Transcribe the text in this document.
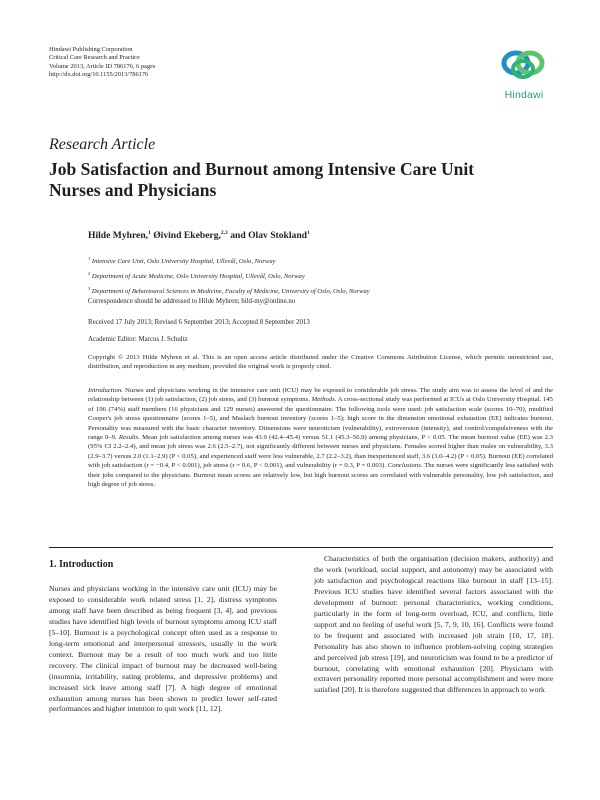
Hindawi Publishing Corporation
Critical Care Research and Practice
Volume 2013, Article ID 786176, 6 pages
http://dx.doi.org/10.1155/2013/786176
Hindawi
Research Article
Job Satisfaction and Burnout among Intensive Care Unit Nurses and Physicians
Hilde Myhren,$^1$ Øivind Ekeberg,$^{2,3}$ and Olav Stokland$^1$
$^1$ Intensive Care Unit, Oslo University Hospital, Ullevål, Oslo, Norway
$^2$ Department of Acute Medicine, Oslo University Hospital, Ullevål, Oslo, Norway
$^3$ Department of Behavioural Sciences in Medicine, Faculty of Medicine, University of Oslo, Oslo, Norway
Correspondence should be addressed to Hilde Myhren; hild-my@online.no
Received 17 July 2013; Revised 6 September 2013; Accepted 8 September 2013
Academic Editor: Marcus J. Schultz
Copyright © 2013 Hilde Myhren et al. This is an open access article distributed under the Creative Commons Attribution License, which permits unrestricted use, distribution, and reproduction in any medium, provided the original work is properly cited.
Introduction. Nurses and physicians working in the intensive care unit (ICU) may be exposed to considerable job stress. The study aim was to assess the level of and the relationship between (1) job satisfaction, (2) job stress, and (3) burnout symptoms. Methods. A cross-sectional study was performed at ICUs at Oslo University Hospital. 145 of 196 (74%) staff members (16 physicians and 129 nurses) answered the questionnaire. The following tools were used: job satisfaction scale (scores 10–70), modified Cooper's job stress questionnaire (scores 1–5), and Maslach burnout inventory (scores 1–5); high score in the dimension emotional exhaustion (EE) indicates burnout. Personality was measured with the basic character inventory. Dimensions were neuroticism (vulnerability), extroversion (intensity), and control/compulsiveness with the range 0–9. Results. Mean job satisfaction among nurses was 43.9 (42.4–45.4) versus 51.1 (45.3–56.9) among physicians, P < 0.05. The mean burnout value (EE) was 2.3 (95% CI 2.2–2.4), and mean job stress was 2.6 (2.5–2.7), not significantly different between nurses and physicians. Females scored higher than males on vulnerability, 3.3 (2.9–3.7) versus 2.0 (1.1–2.9) (P < 0.05), and experienced staff were less vulnerable, 2.7 (2.2–3.2), than inexperienced staff, 3.6 (3.0–4.2) (P < 0.05). Burnout (EE) correlated with job satisfaction (r = −0.4, P < 0.001), job stress (r = 0.6, P < 0.001), and vulnerability (r = 0.3, P = 0.003). Conclusions. The nurses were significantly less satisfied with their jobs compared to the physicians. Burnout mean scores are relatively low, but high burnout scores are correlated with vulnerable personality, low job satisfaction, and high degree of job stress.
1. Introduction

Nurses and physicians working in the intensive care unit (ICU) may be exposed to considerable work related stress [1, 2], distress symptoms among staff have been described as being frequent [3, 4], and previous studies have identified high levels of burnout symptoms among ICU staff [5–10]. Burnout is a psychological concept often used as a response to long-term emotional and interpersonal stressors, usually in the work context. Burnout may be a result of too much work and too little recovery. The clinical impact of burnout may be decreased well-being (insomnia, irritability, eating problems, and depressive problems) and increased sick leave among staff [7]. A high degree of emotional exhaustion among nurses has been shown to predict lower self-rated performances and higher intention to quit work [11, 12].

Characteristics of both the organisation (decision makers, authority) and the work (workload, social support, and autonomy) may be associated with job satisfaction and psychological reactions like burnout in staff [13–15]. Previous ICU studies have identified several factors associated with the development of burnout: personal characteristics, working conditions, particularly in the form of long-term overload, ICU, and conflicts, little support and no feeling of useful work [5, 7, 9, 10, 16]. Conflicts were found to be frequent and associated with increased job strain [10, 17, 18]. Personality has also shown to influence problem-solving coping strategies and perceived job stress [19], and neuroticism was found to be a predictor of burnout, correlating with emotional exhaustion [20]. Physicians with extravert personality reported more personal accomplishment and were more satisfied [20]. It is therefore suggested that differences in approach to work
